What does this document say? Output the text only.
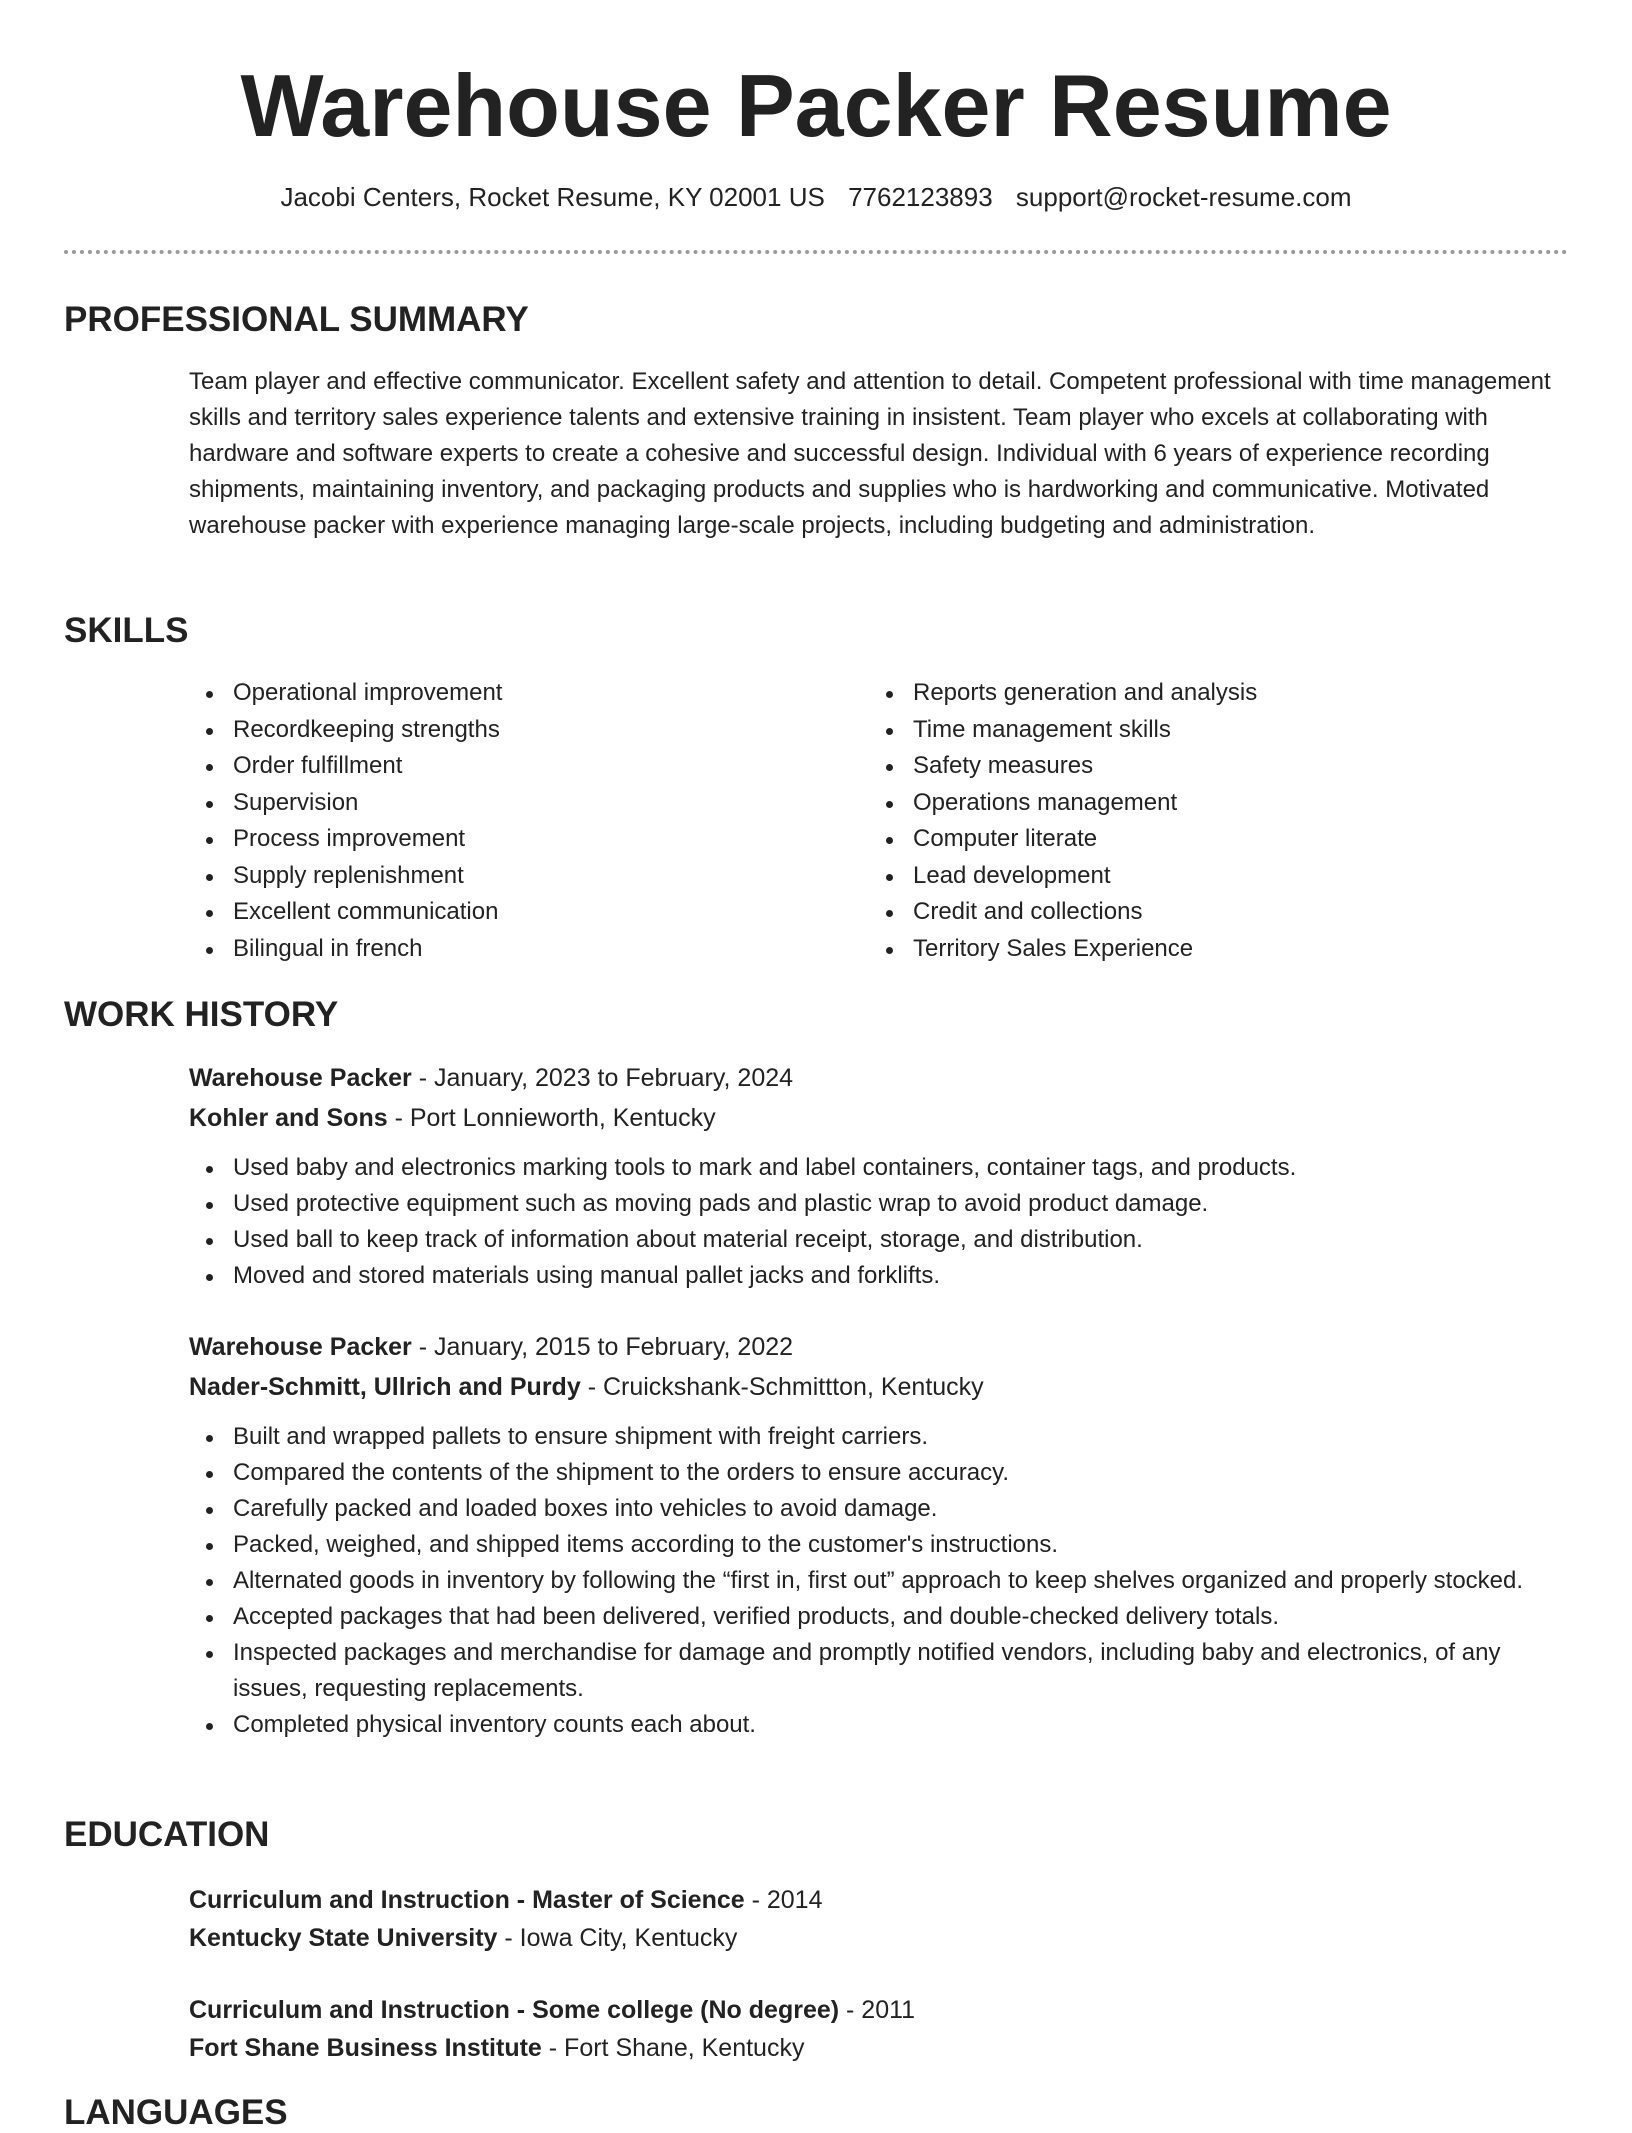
Warehouse Packer Resume
Jacobi Centers, Rocket Resume, KY 02001 US 7762123893 support@rocket-resume.com
PROFESSIONAL SUMMARY

Team player and effective communicator. Excellent safety and attention to detail. Competent professional with time management skills and territory sales experience talents and extensive training in insistent. Team player who excels at collaborating with hardware and software experts to create a cohesive and successful design. Individual with 6 years of experience recording shipments, maintaining inventory, and packaging products and supplies who is hardworking and communicative. Motivated warehouse packer with experience managing large-scale projects, including budgeting and administration.

SKILLS
Operational improvement
Recordkeeping strengths
Order fulfillment
Supervision
Process improvement
Supply replenishment
Excellent communication
Bilingual in french
Reports generation and analysis
Time management skills
Safety measures
Operations management
Computer literate
Lead development
Credit and collections
Territory Sales Experience
WORK HISTORY
Warehouse Packer - January, 2023 to February, 2024
Kohler and Sons - Port Lonnieworth, Kentucky
Used baby and electronics marking tools to mark and label containers, container tags, and products.
Used protective equipment such as moving pads and plastic wrap to avoid product damage.
Used ball to keep track of information about material receipt, storage, and distribution.
Moved and stored materials using manual pallet jacks and forklifts.
Warehouse Packer - January, 2015 to February, 2022
Nader-Schmitt, Ullrich and Purdy - Cruickshank-Schmittton, Kentucky
Built and wrapped pallets to ensure shipment with freight carriers.
Compared the contents of the shipment to the orders to ensure accuracy.
Carefully packed and loaded boxes into vehicles to avoid damage.
Packed, weighed, and shipped items according to the customer's instructions.
Alternated goods in inventory by following the “first in, first out” approach to keep shelves organized and properly stocked.
Accepted packages that had been delivered, verified products, and double-checked delivery totals.
Inspected packages and merchandise for damage and promptly notified vendors, including baby and electronics, of any issues, requesting replacements.
Completed physical inventory counts each about.
EDUCATION
Curriculum and Instruction - Master of Science - 2014
Kentucky State University - Iowa City, Kentucky
Curriculum and Instruction - Some college (No degree) - 2011
Fort Shane Business Institute - Fort Shane, Kentucky
LANGUAGES
